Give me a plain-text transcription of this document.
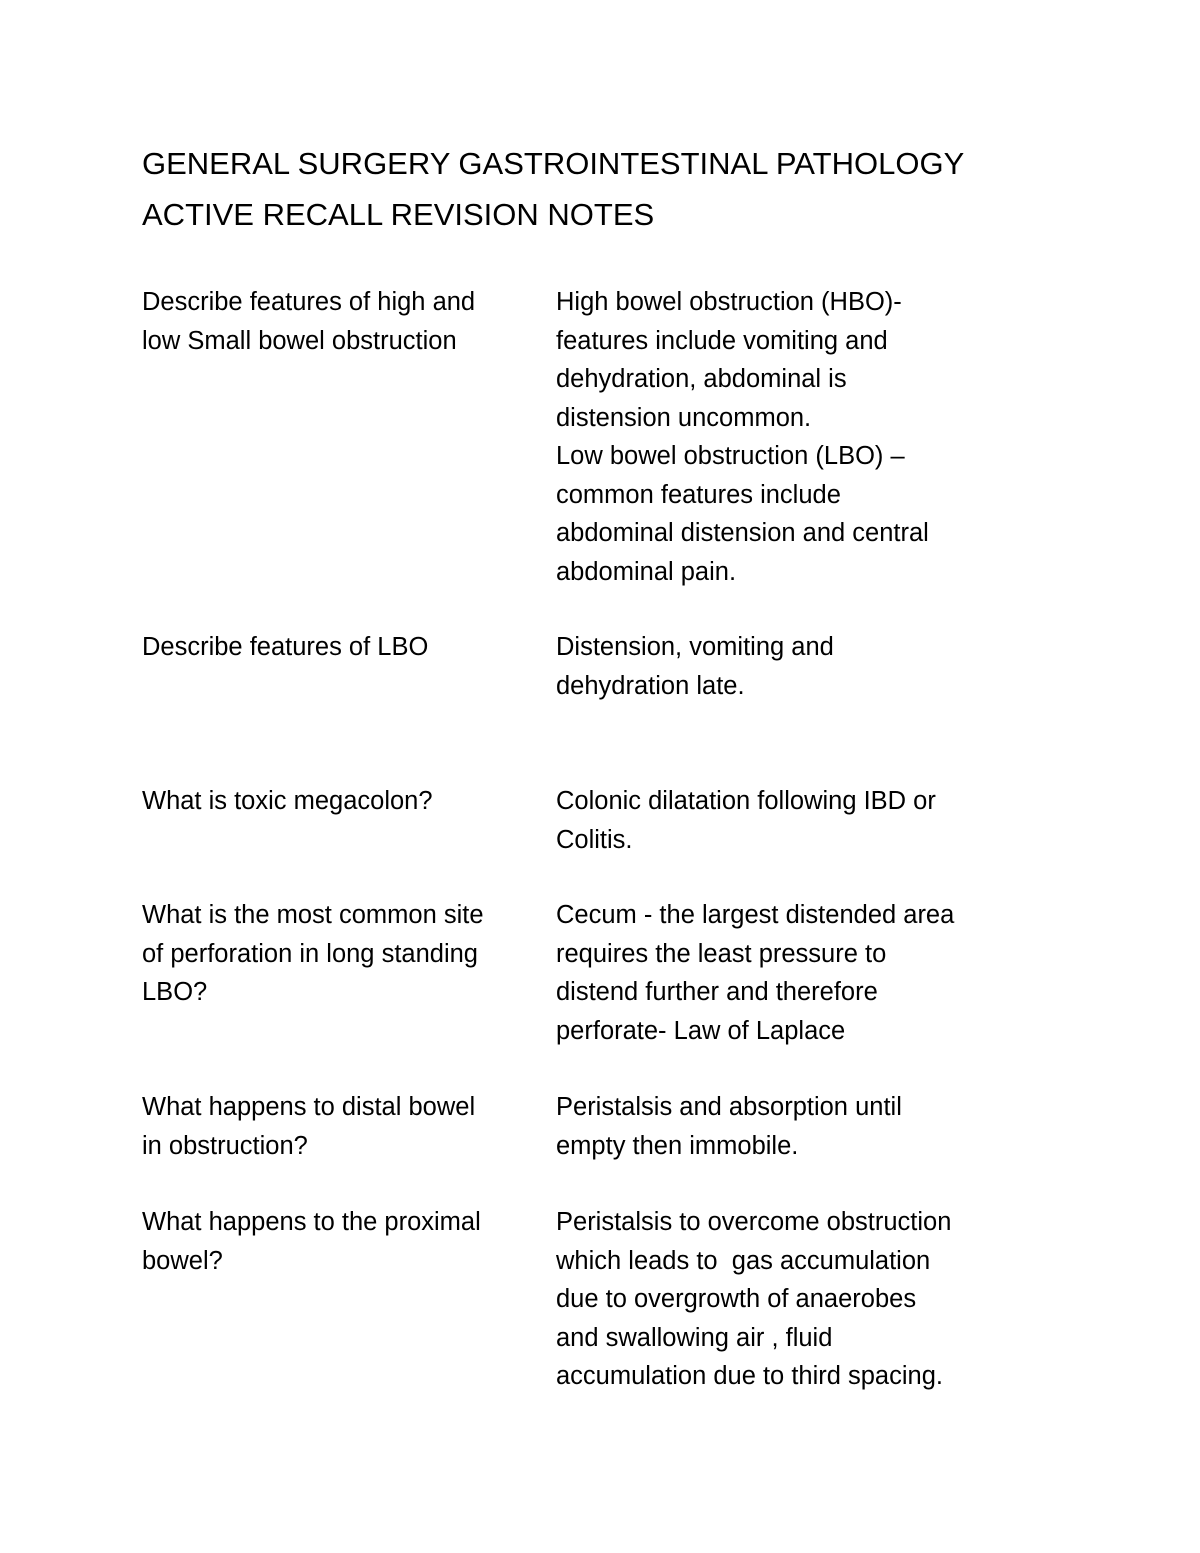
GENERAL SURGERY GASTROINTESTINAL PATHOLOGY
ACTIVE RECALL REVISION NOTES
Describe features of high and
low Small bowel obstruction
High bowel obstruction (HBO)-
features include vomiting and
dehydration, abdominal is
distension uncommon.
Low bowel obstruction (LBO) –
common features include
abdominal distension and central
abdominal pain.
Describe features of LBO	Distension, vomiting and
dehydration late.
What is toxic megacolon?	Colonic dilatation following IBD or
Colitis.
What is the most common site
of perforation in long standing
LBO?
Cecum - the largest distended area
requires the least pressure to
distend further and therefore
perforate- Law of Laplace
What happens to distal bowel
in obstruction?
Peristalsis and absorption until
empty then immobile.
What happens to the proximal
bowel?
Peristalsis to overcome obstruction
which leads to  gas accumulation
due to overgrowth of anaerobes
and swallowing air , fluid
accumulation due to third spacing.
